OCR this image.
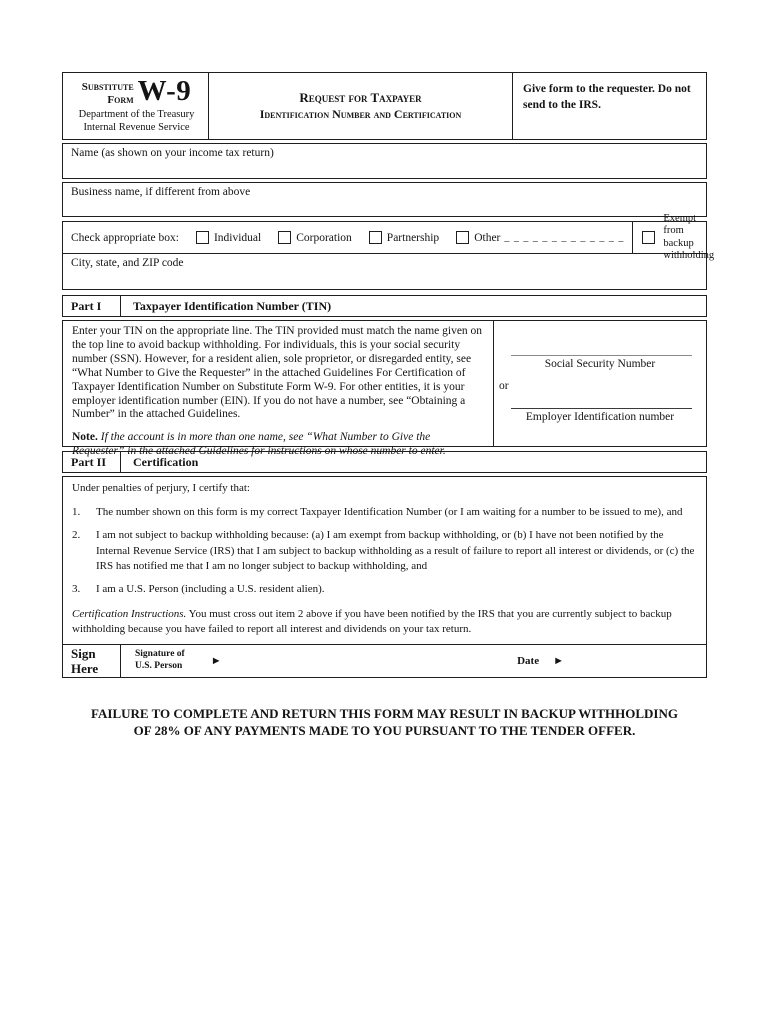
Substitute
Form W-9
Department of the Treasury
Internal Revenue Service
Request for Taxpayer
Identification Number and Certification
Give form to the requester. Do not send to the IRS.
Name (as shown on your income tax return)
Business name, if different from above
Check appropriate box:	Individual	Corporation	Partnership	Other _ _ _ _ _ _ _ _ _ _ _ _ _
Exempt from backup withholding
City, state, and ZIP code
Part I	Taxpayer Identification Number (TIN)
Enter your TIN on the appropriate line. The TIN provided must match the name given on the top line to avoid backup withholding. For individuals, this is your social security number (SSN). However, for a resident alien, sole proprietor, or disregarded entity, see “What Number to Give the Requester” in the attached Guidelines For Certification of Taxpayer Identification Number on Substitute Form W-9. For other entities, it is your employer identification number (EIN). If you do not have a number, see “Obtaining a Number” in the attached Guidelines.
Note. If the account is in more than one name, see “What Number to Give the Requester” in the attached Guidelines for instructions on whose number to enter.
Social Security Number
or
Employer Identification number
Part II	Certification
Under penalties of perjury, I certify that:
1.	The number shown on this form is my correct Taxpayer Identification Number (or I am waiting for a number to be issued to me), and
2.	I am not subject to backup withholding because: (a) I am exempt from backup withholding, or (b) I have not been notified by the Internal Revenue Service (IRS) that I am subject to backup withholding as a result of failure to report all interest or dividends, or (c) the IRS has notified me that I am no longer subject to backup withholding, and
3.	I am a U.S. Person (including a U.S. resident alien).
Certification Instructions. You must cross out item 2 above if you have been notified by the IRS that you are currently subject to backup withholding because you have failed to report all interest and dividends on your tax return.
Sign
Here
Signature of
U.S. Person	►	Date ►
FAILURE TO COMPLETE AND RETURN THIS FORM MAY RESULT IN BACKUP WITHHOLDING
OF 28% OF ANY PAYMENTS MADE TO YOU PURSUANT TO THE TENDER OFFER.
